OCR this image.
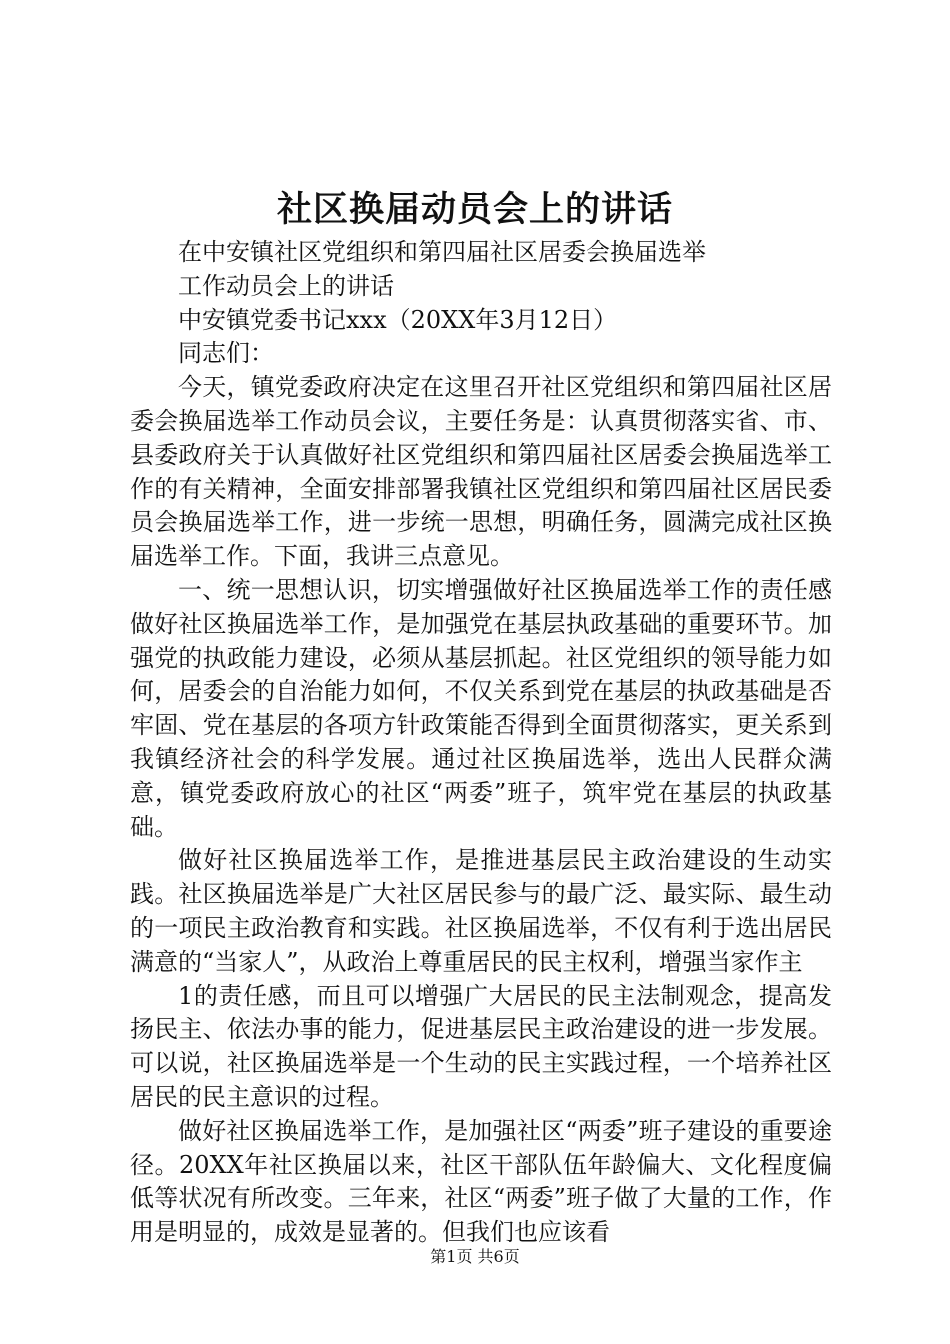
社区换届动员会上的讲话

在中安镇社区党组织和第四届社区居委会换届选举

工作动员会上的讲话

中安镇党委书记xxx（20XX年3月12日）

同志们：

今天，镇党委政府决定在这里召开社区党组织和第四届社区居委会换届选举工作动员会议，主要任务是：认真贯彻落实省、市、县委政府关于认真做好社区党组织和第四届社区居委会换届选举工作的有关精神，全面安排部署我镇社区党组织和第四届社区居民委员会换届选举工作，进一步统一思想，明确任务，圆满完成社区换届选举工作。下面，我讲三点意见。

一、统一思想认识，切实增强做好社区换届选举工作的责任感做好社区换届选举工作，是加强党在基层执政基础的重要环节。加强党的执政能力建设，必须从基层抓起。社区党组织的领导能力如何，居委会的自治能力如何，不仅关系到党在基层的执政基础是否牢固、党在基层的各项方针政策能否得到全面贯彻落实，更关系到我镇经济社会的科学发展。通过社区换届选举，选出人民群众满意，镇党委政府放心的社区“两委”班子，筑牢党在基层的执政基础。

做好社区换届选举工作，是推进基层民主政治建设的生动实践。社区换届选举是广大社区居民参与的最广泛、最实际、最生动的一项民主政治教育和实践。社区换届选举，不仅有利于选出居民满意的“当家人”，从政治上尊重居民的民主权利，增强当家作主

1的责任感，而且可以增强广大居民的民主法制观念，提高发扬民主、依法办事的能力，促进基层民主政治建设的进一步发展。可以说，社区换届选举是一个生动的民主实践过程，一个培养社区居民的民主意识的过程。

做好社区换届选举工作，是加强社区“两委”班子建设的重要途径。20XX年社区换届以来，社区干部队伍年龄偏大、文化程度偏低等状况有所改变。三年来，社区“两委”班子做了大量的工作，作用是明显的，成效是显著的。但我们也应该看

第1页 共6页
